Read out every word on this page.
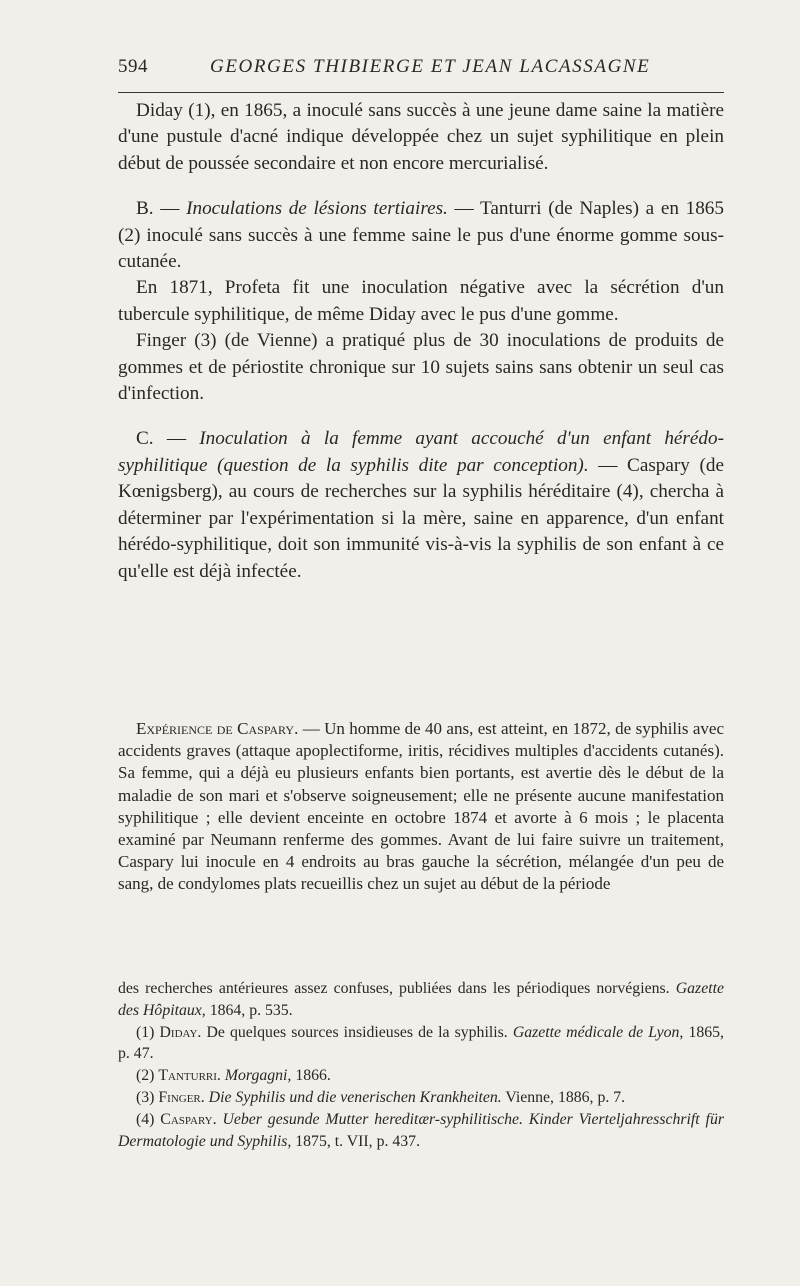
594	GEORGES THIBIERGE ET JEAN LACASSAGNE

Diday (1), en 1865, a inoculé sans succès à une jeune dame saine la matière d'une pustule d'acné indique développée chez un sujet syphilitique en plein début de poussée secondaire et non encore mercurialisé.

B. — Inoculations de lésions tertiaires. — Tanturri (de Naples) a en 1865 (2) inoculé sans succès à une femme saine le pus d'une énorme gomme sous-cutanée.

En 1871, Profeta fit une inoculation négative avec la sécrétion d'un tubercule syphilitique, de même Diday avec le pus d'une gomme.

Finger (3) (de Vienne) a pratiqué plus de 30 inoculations de produits de gommes et de périostite chronique sur 10 sujets sains sans obtenir un seul cas d'infection.

C. — Inoculation à la femme ayant accouché d'un enfant hérédo-syphilitique (question de la syphilis dite par conception). — Caspary (de Kœnigsberg), au cours de recherches sur la syphilis héréditaire (4), chercha à déterminer par l'expérimentation si la mère, saine en apparence, d'un enfant hérédo-syphilitique, doit son immunité vis-à-vis la syphilis de son enfant à ce qu'elle est déjà infectée.

Expérience de Caspary. — Un homme de 40 ans, est atteint, en 1872, de syphilis avec accidents graves (attaque apoplectiforme, iritis, récidives multiples d'accidents cutanés). Sa femme, qui a déjà eu plusieurs enfants bien portants, est avertie dès le début de la maladie de son mari et s'observe soigneusement; elle ne présente aucune manifestation syphilitique ; elle devient enceinte en octobre 1874 et avorte à 6 mois ; le placenta examiné par Neumann renferme des gommes. Avant de lui faire suivre un traitement, Caspary lui inocule en 4 endroits au bras gauche la sécrétion, mélangée d'un peu de sang, de condylomes plats recueillis chez un sujet au début de la période

des recherches antérieures assez confuses, publiées dans les périodiques norvégiens. Gazette des Hôpitaux, 1864, p. 535.

(1) Diday. De quelques sources insidieuses de la syphilis. Gazette médicale de Lyon, 1865, p. 47.

(2) Tanturri. Morgagni, 1866.

(3) Finger. Die Syphilis und die venerischen Krankheiten. Vienne, 1886, p. 7.

(4) Caspary. Ueber gesunde Mutter hereditær-syphilitische. Kinder Vierteljahresschrift für Dermatologie und Syphilis, 1875, t. VII, p. 437.
